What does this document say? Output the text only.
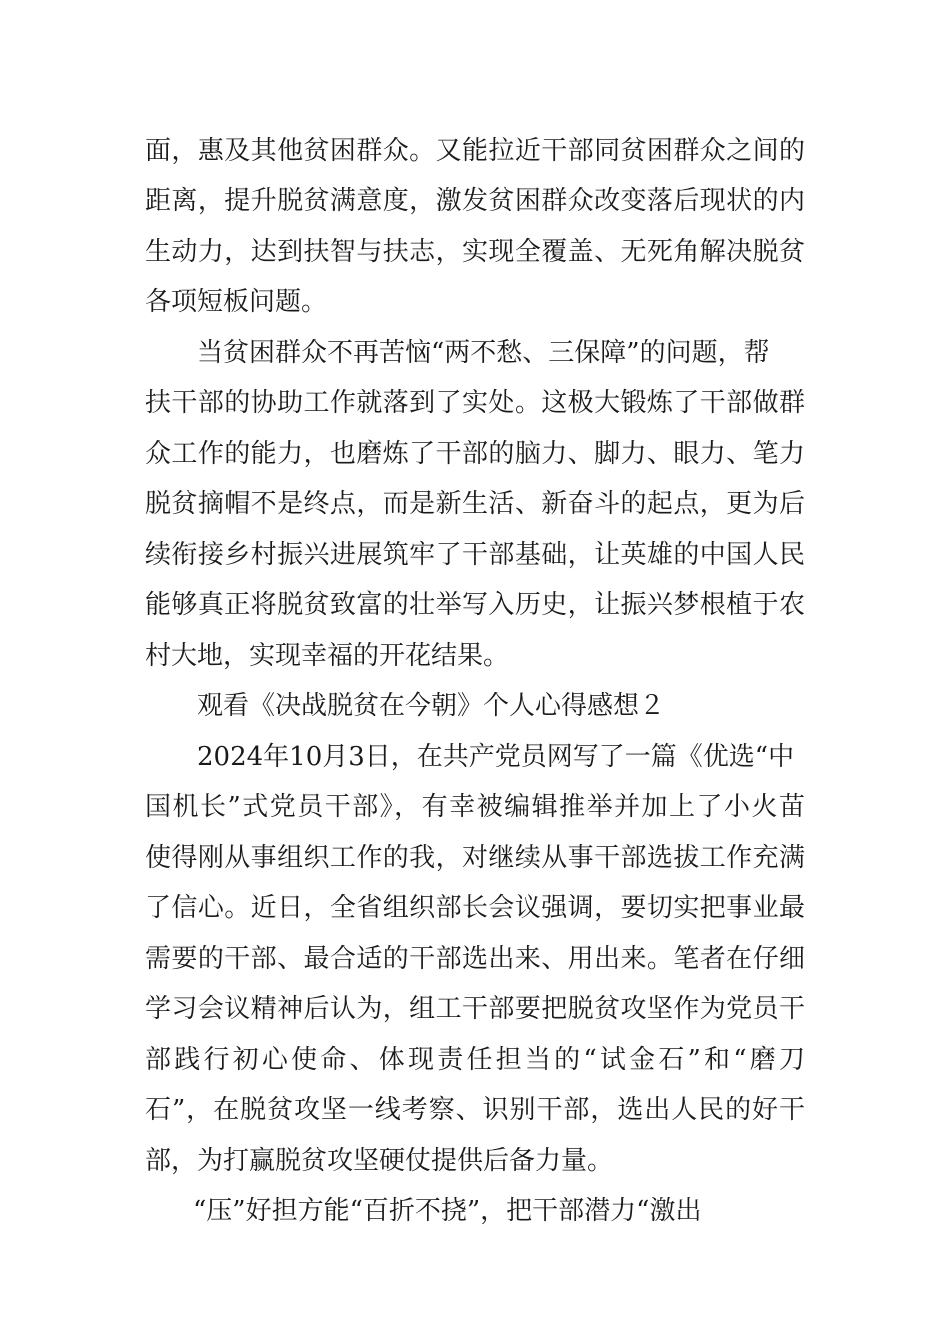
面，惠及其他贫困群众。又能拉近干部同贫困群众之间的
距离，提升脱贫满意度，激发贫困群众改变落后现状的内
生动力，达到扶智与扶志，实现全覆盖、无死角解决脱贫
各项短板问题。
当贫困群众不再苦恼“两不愁、三保障”的问题，帮
扶干部的协助工作就落到了实处。这极大锻炼了干部做群
众工作的能力，也磨炼了干部的脑力、脚力、眼力、笔力
脱贫摘帽不是终点，而是新生活、新奋斗的起点，更为后
续衔接乡村振兴进展筑牢了干部基础，让英雄的中国人民
能够真正将脱贫致富的壮举写入历史，让振兴梦根植于农
村大地，实现幸福的开花结果。
观看《决战脱贫在今朝》个人心得感想２
2024年10月3日，在共产党员网写了一篇《优选“中
国机长”式党员干部》，有幸被编辑推举并加上了小火苗
使得刚从事组织工作的我，对继续从事干部选拔工作充满
了信心。近日，全省组织部长会议强调，要切实把事业最
需要的干部、最合适的干部选出来、用出来。笔者在仔细
学习会议精神后认为，组工干部要把脱贫攻坚作为党员干
部践行初心使命、体现责任担当的“试金石”和“磨刀
石”，在脱贫攻坚一线考察、识别干部，选出人民的好干
部，为打赢脱贫攻坚硬仗提供后备力量。
“压”好担方能“百折不挠”，把干部潜力“激出
